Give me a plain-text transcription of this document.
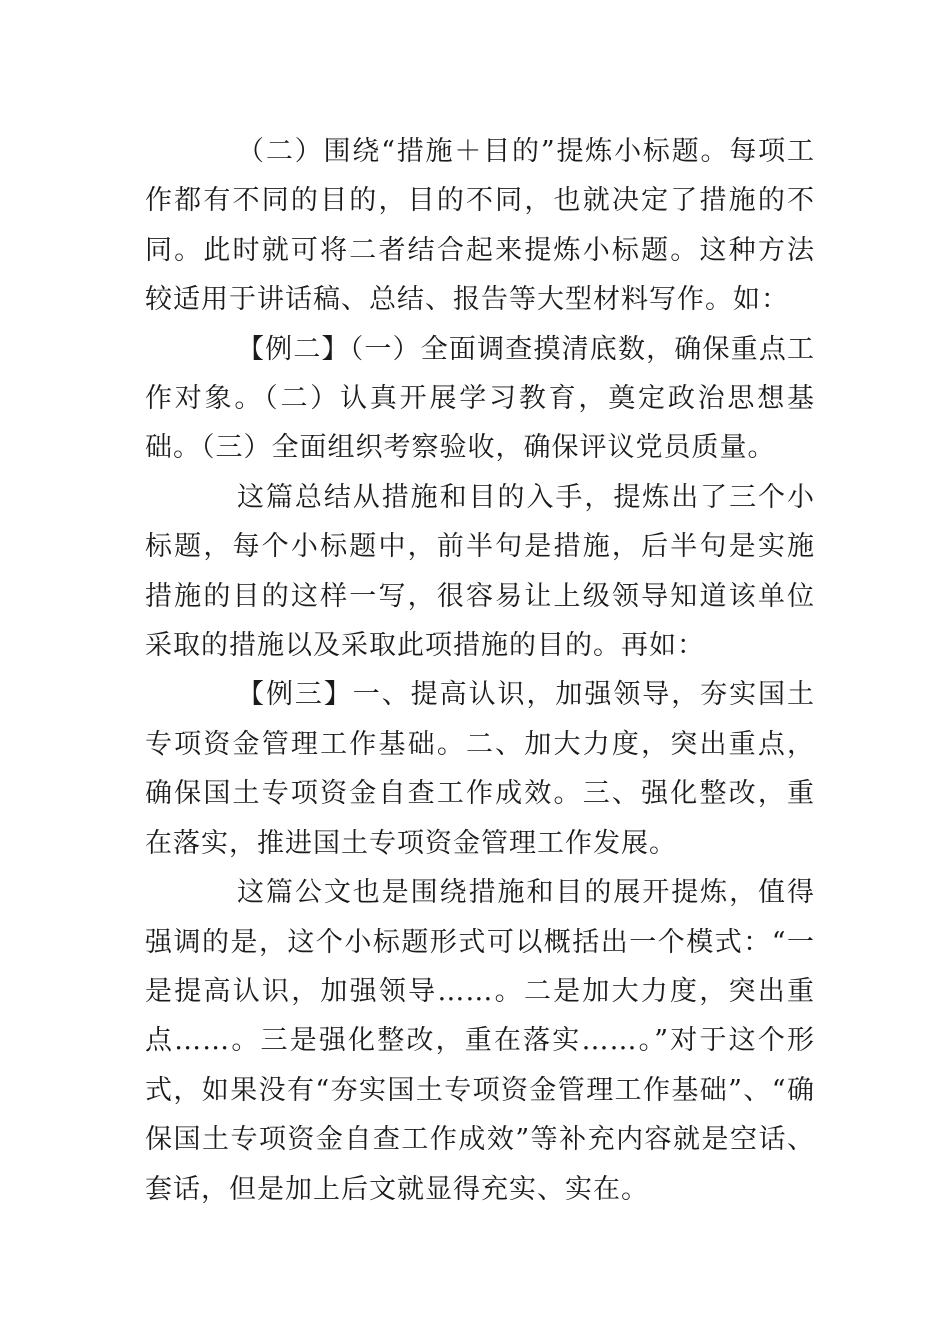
（二）围绕“措施＋目的”提炼小标题。每项工作都有不同的目的，目的不同，也就决定了措施的不同。此时就可将二者结合起来提炼小标题。这种方法较适用于讲话稿、总结、报告等大型材料写作。如：

【例二】（一）全面调查摸清底数，确保重点工作对象。（二）认真开展学习教育，奠定政治思想基础。（三）全面组织考察验收，确保评议党员质量。

这篇总结从措施和目的入手，提炼出了三个小标题，每个小标题中，前半句是措施，后半句是实施措施的目的这样一写，很容易让上级领导知道该单位采取的措施以及采取此项措施的目的。再如：

【例三】一、提高认识，加强领导，夯实国土专项资金管理工作基础。二、加大力度，突出重点，确保国土专项资金自查工作成效。三、强化整改，重在落实，推进国土专项资金管理工作发展。

这篇公文也是围绕措施和目的展开提炼，值得强调的是，这个小标题形式可以概括出一个模式：“一是提高认识，加强领导……。二是加大力度，突出重点……。三是强化整改，重在落实……。”对于这个形式，如果没有“夯实国土专项资金管理工作基础”、“确保国土专项资金自查工作成效”等补充内容就是空话、套话，但是加上后文就显得充实、实在。
